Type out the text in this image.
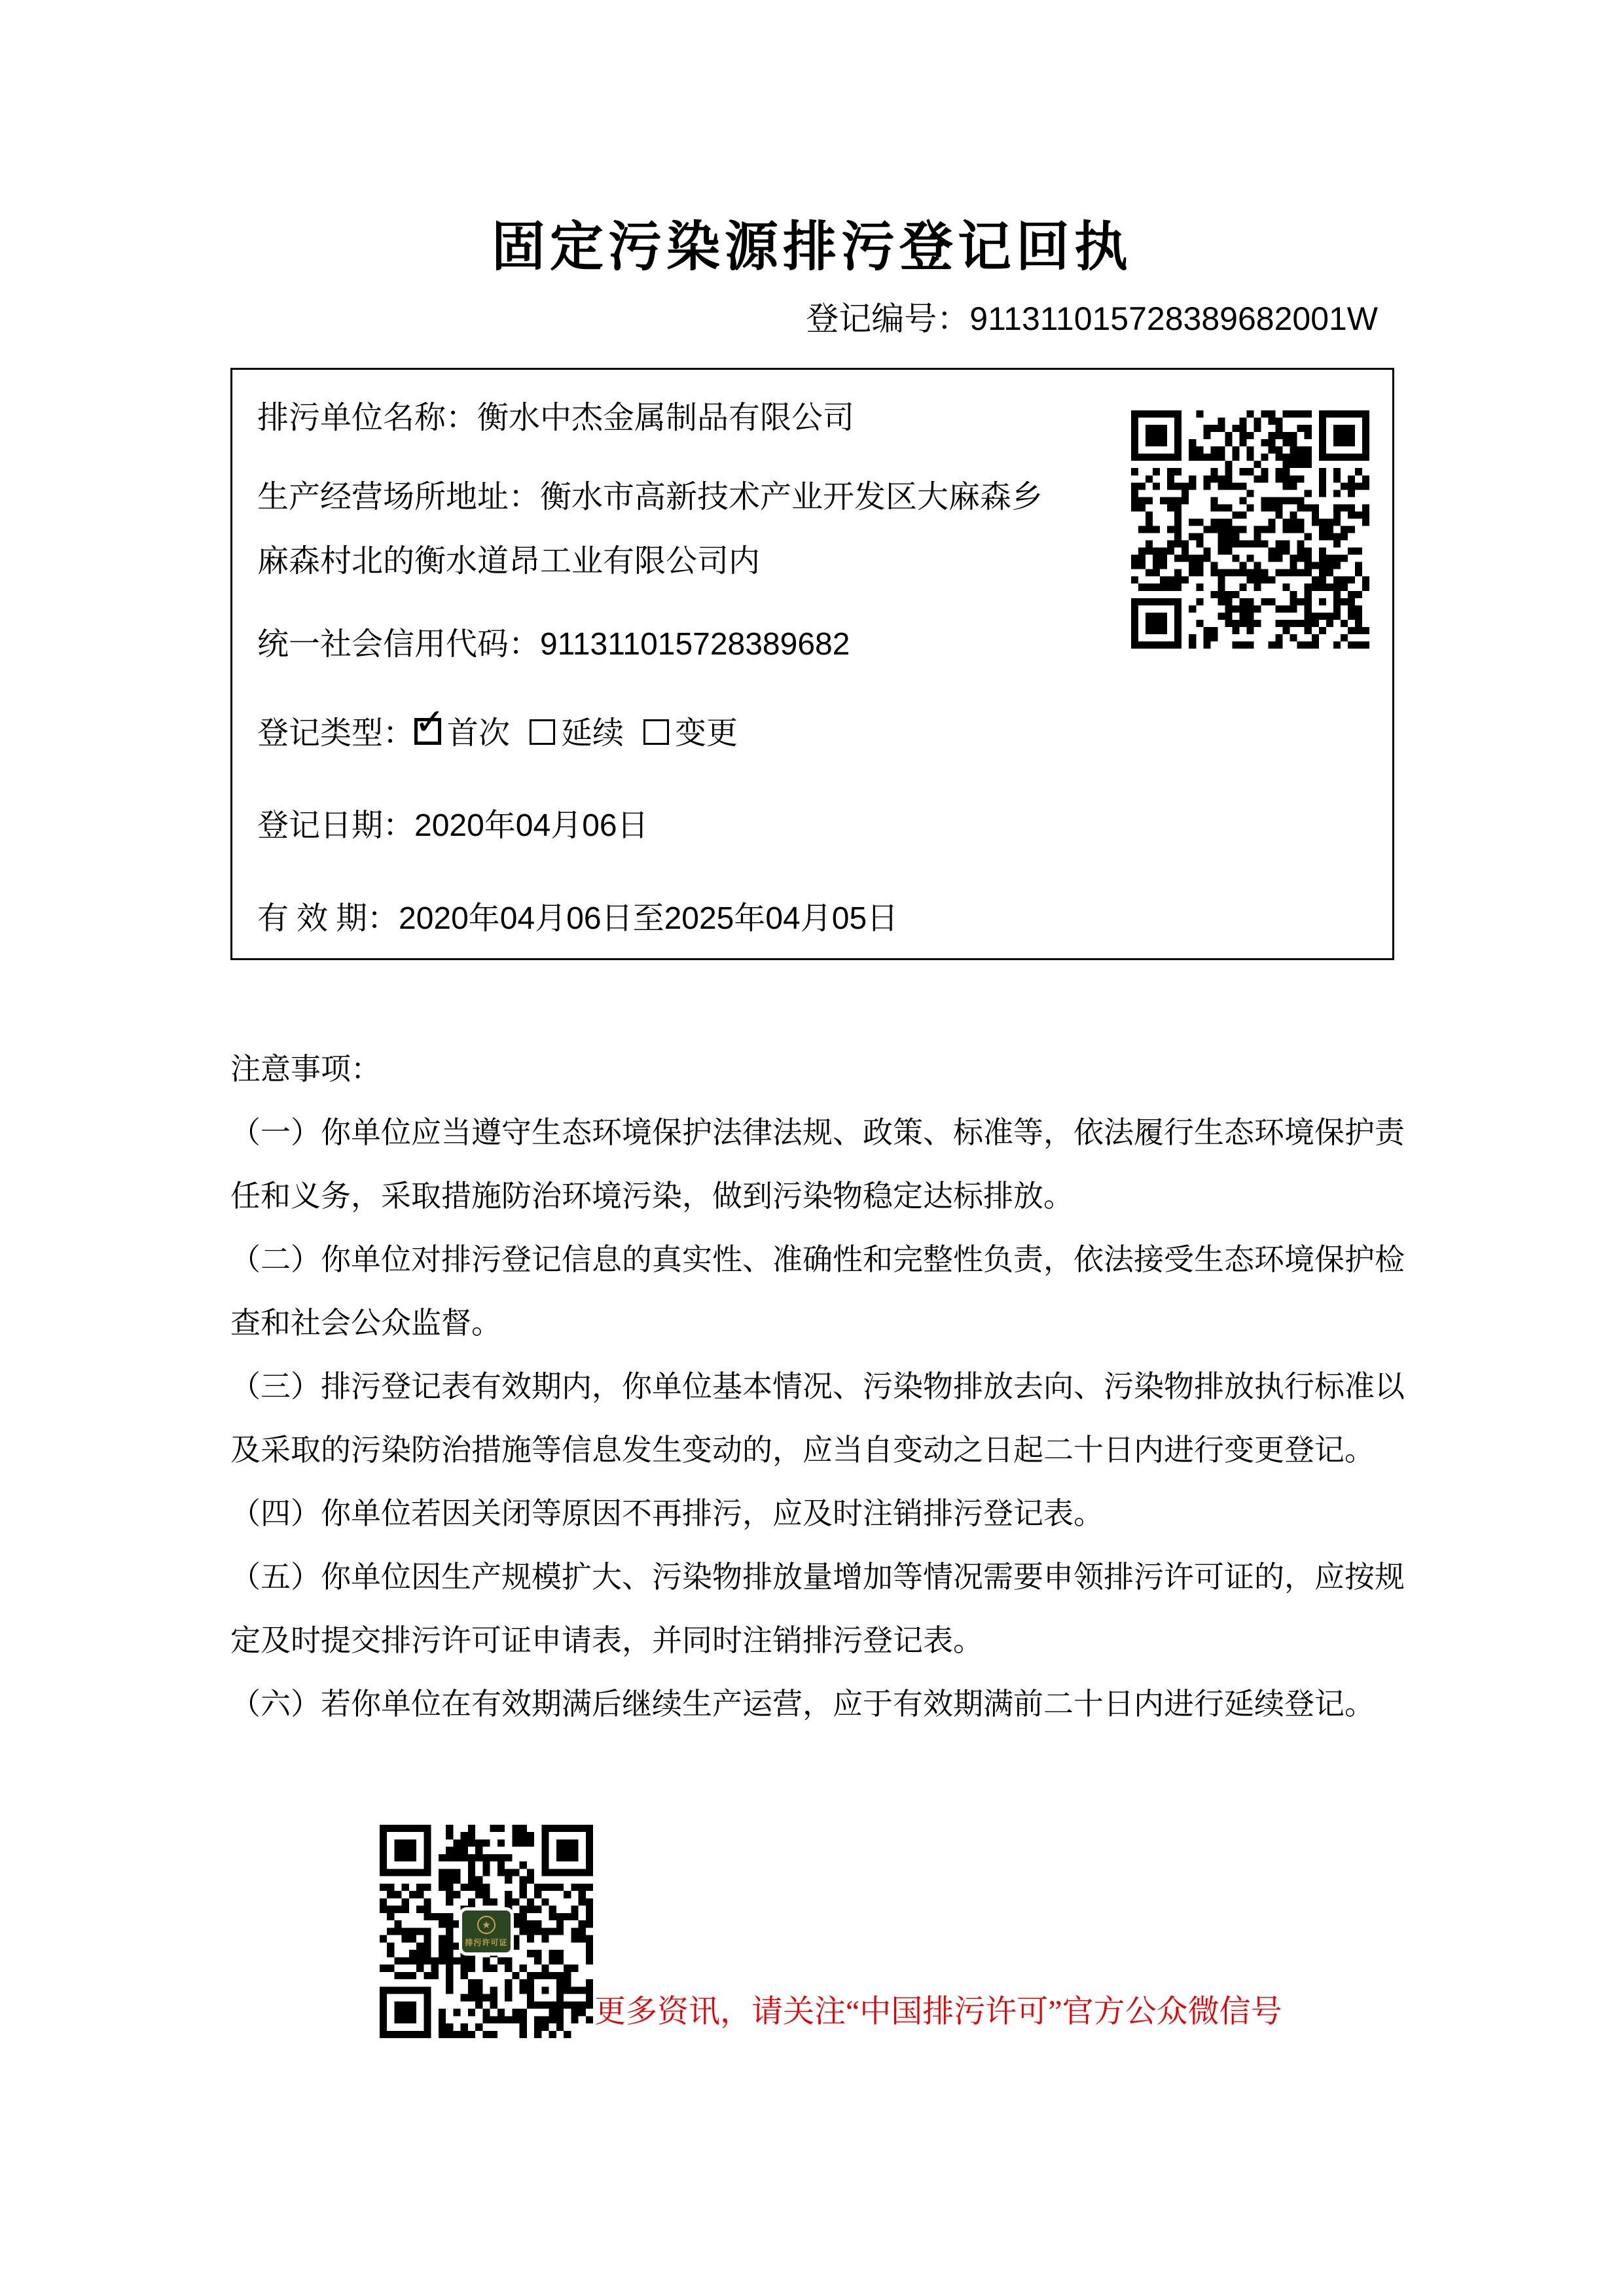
固定污染源排污登记回执
登记编号：911311015728389682001W
排污单位名称：衡水中杰金属制品有限公司
生产经营场所地址：衡水市高新技术产业开发区大麻森乡
麻森村北的衡水道昂工业有限公司内
统一社会信用代码：911311015728389682
登记类型： ✓ 首次 延续 变更
登记日期：2020年04月06日
有 效 期：2020年04月06日至2025年04月05日
注意事项：
（一）你单位应当遵守生态环境保护法律法规、政策、标准等，依法履行生态环境保护责
任和义务，采取措施防治环境污染，做到污染物稳定达标排放。
（二）你单位对排污登记信息的真实性、准确性和完整性负责，依法接受生态环境保护检
查和社会公众监督。
（三）排污登记表有效期内，你单位基本情况、污染物排放去向、污染物排放执行标准以
及采取的污染防治措施等信息发生变动的，应当自变动之日起二十日内进行变更登记。
（四）你单位若因关闭等原因不再排污，应及时注销排污登记表。
（五）你单位因生产规模扩大、污染物排放量增加等情况需要申领排污许可证的，应按规
定及时提交排污许可证申请表，并同时注销排污登记表。
（六）若你单位在有效期满后继续生产运营，应于有效期满前二十日内进行延续登记。
★
排污许可证
更多资讯，请关注“中国排污许可”官方公众微信号
